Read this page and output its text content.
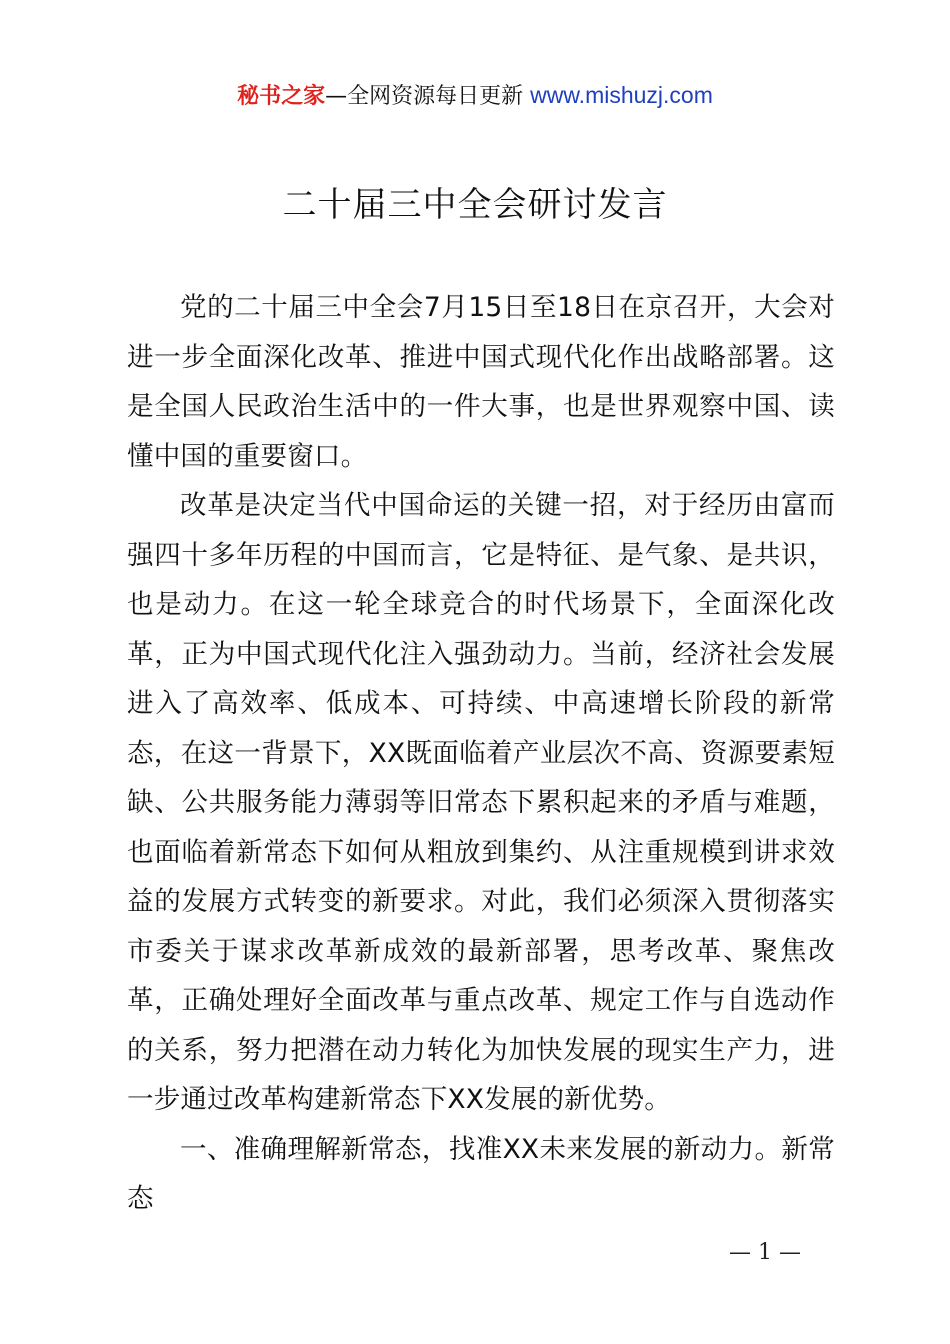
秘书之家—全网资源每日更新 www.mishuzj.com
二十届三中全会研讨发言

党的二十届三中全会7月15日至18日在京召开，大会对进一步全面深化改革、推进中国式现代化作出战略部署。这是全国人民政治生活中的一件大事，也是世界观察中国、读懂中国的重要窗口。

改革是决定当代中国命运的关键一招，对于经历由富而强四十多年历程的中国而言，它是特征、是气象、是共识，也是动力。在这一轮全球竞合的时代场景下，全面深化改革，正为中国式现代化注入强劲动力。当前，经济社会发展进入了高效率、低成本、可持续、中高速增长阶段的新常态，在这一背景下，XX既面临着产业层次不高、资源要素短缺、公共服务能力薄弱等旧常态下累积起来的矛盾与难题，也面临着新常态下如何从粗放到集约、从注重规模到讲求效益的发展方式转变的新要求。对此，我们必须深入贯彻落实市委关于谋求改革新成效的最新部署，思考改革、聚焦改革，正确处理好全面改革与重点改革、规定工作与自选动作的关系，努力把潜在动力转化为加快发展的现实生产力，进一步通过改革构建新常态下XX发展的新优势。

一、准确理解新常态，找准XX未来发展的新动力。新常态

— 1 —
